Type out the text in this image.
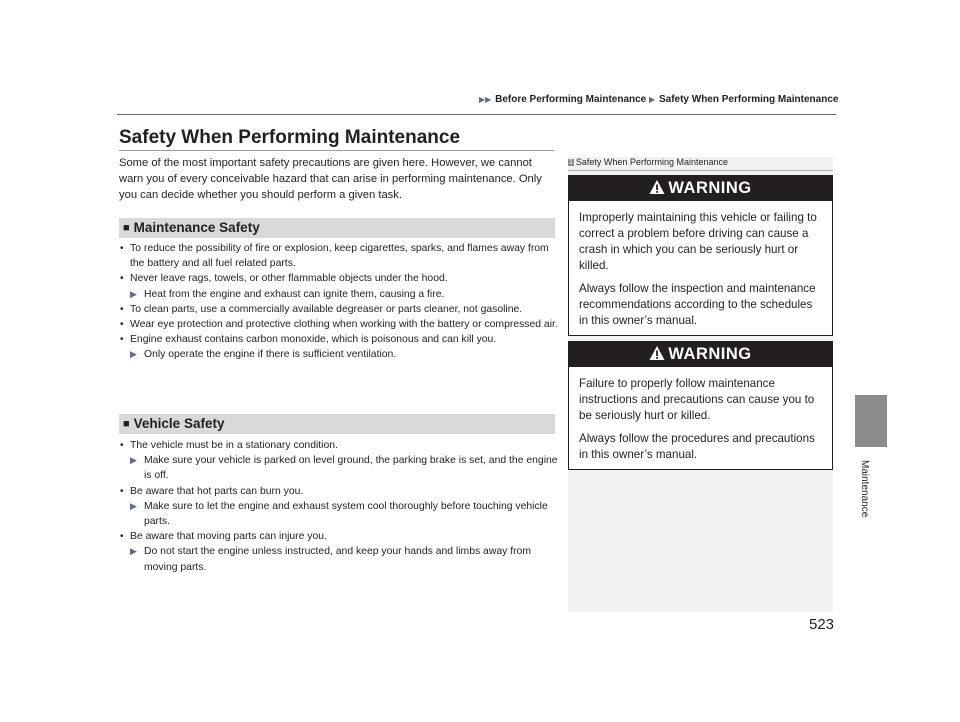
▶▶ Before Performing Maintenance ▶ Safety When Performing Maintenance
Safety When Performing Maintenance
Some of the most important safety precautions are given here. However, we cannot warn you of every conceivable hazard that can arise in performing maintenance. Only you can decide whether you should perform a given task.
■ Maintenance Safety
• To reduce the possibility of fire or explosion, keep cigarettes, sparks, and flames away from the battery and all fuel related parts.
• Never leave rags, towels, or other flammable objects under the hood.
▶ Heat from the engine and exhaust can ignite them, causing a fire.
• To clean parts, use a commercially available degreaser or parts cleaner, not gasoline.
• Wear eye protection and protective clothing when working with the battery or compressed air.
• Engine exhaust contains carbon monoxide, which is poisonous and can kill you.
▶ Only operate the engine if there is sufficient ventilation.
■ Vehicle Safety
• The vehicle must be in a stationary condition.
▶ Make sure your vehicle is parked on level ground, the parking brake is set, and the engine is off.
• Be aware that hot parts can burn you.
▶ Make sure to let the engine and exhaust system cool thoroughly before touching vehicle parts.
• Be aware that moving parts can injure you.
▶ Do not start the engine unless instructed, and keep your hands and limbs away from moving parts.
1 Safety When Performing Maintenance
WARNING

Improperly maintaining this vehicle or failing to correct a problem before driving can cause a crash in which you can be seriously hurt or killed.

Always follow the inspection and maintenance recommendations according to the schedules in this owner’s manual.

WARNING

Failure to properly follow maintenance instructions and precautions can cause you to be seriously hurt or killed.

Always follow the procedures and precautions in this owner’s manual.

523
Maintenance
